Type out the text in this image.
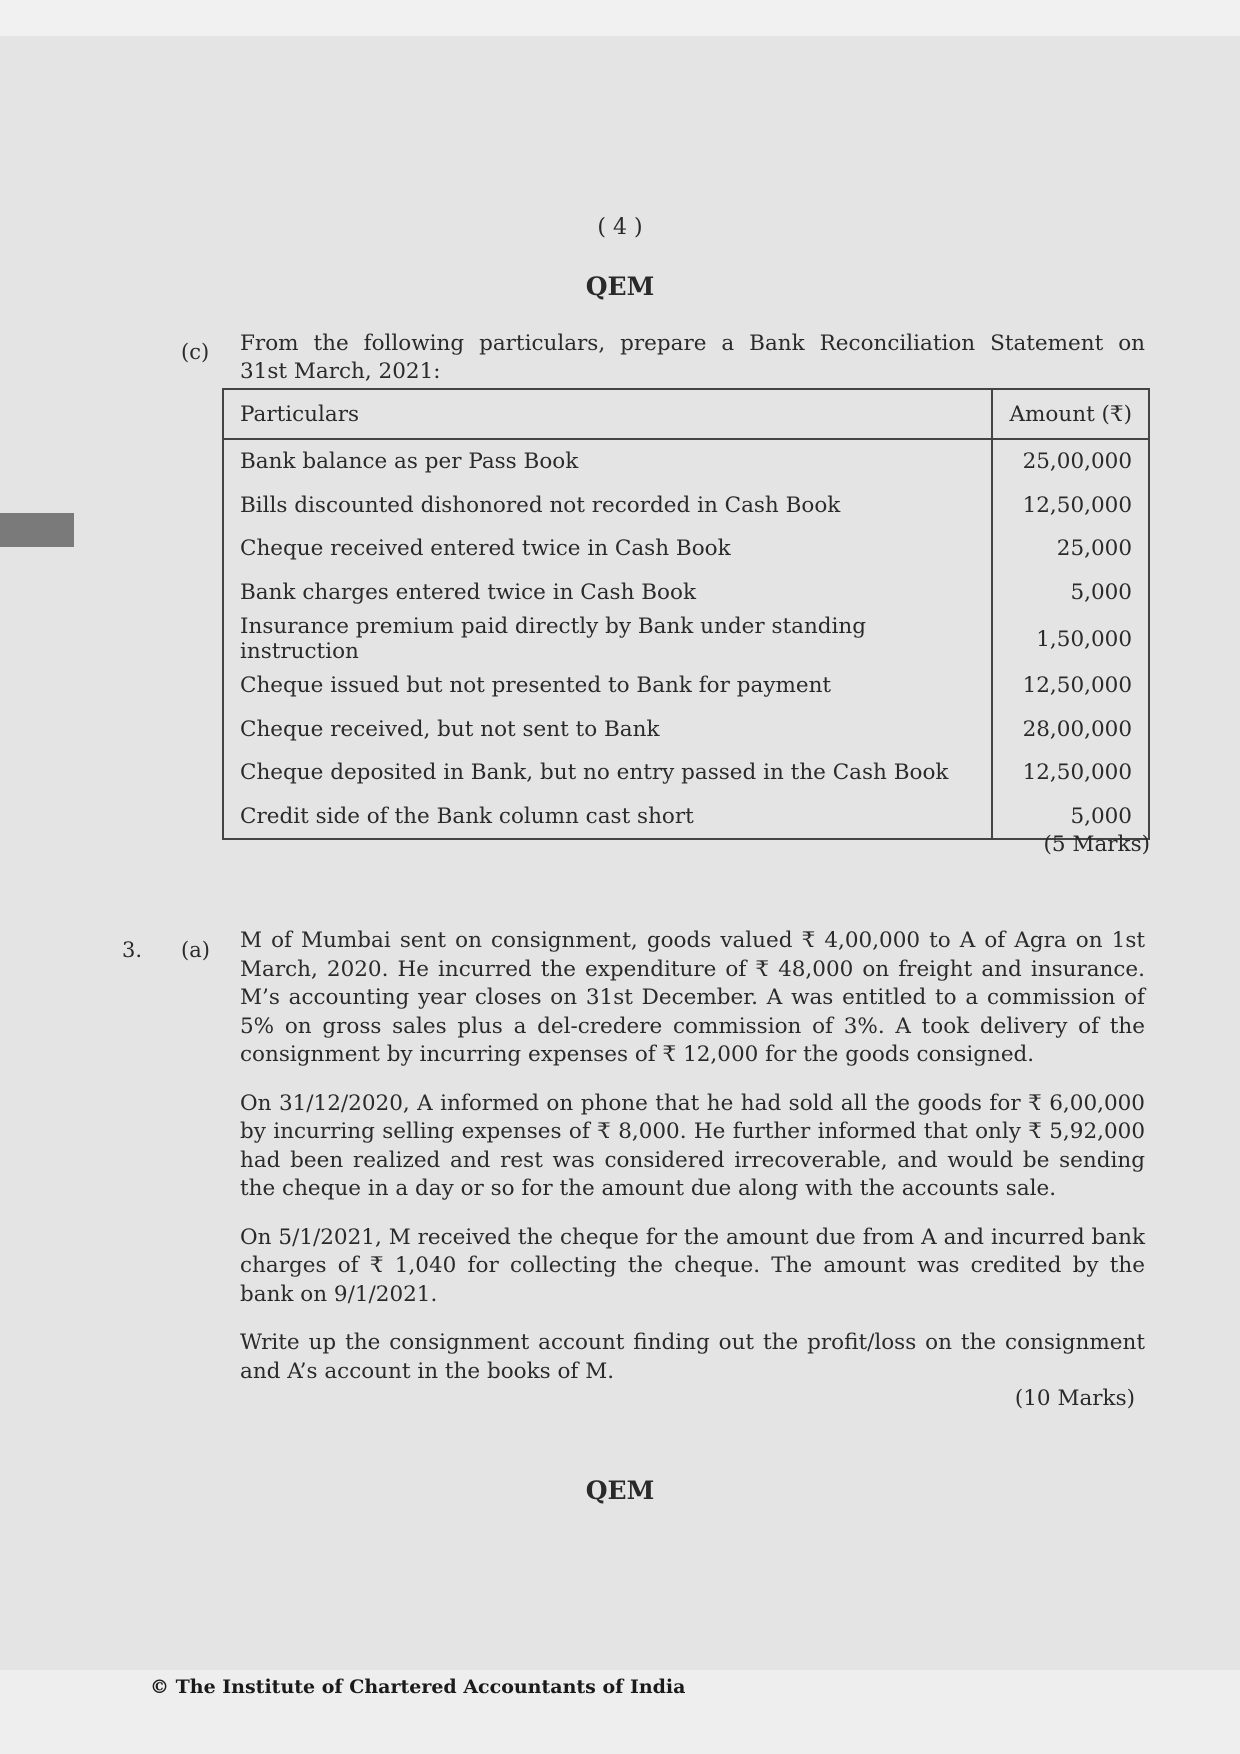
( 4 )
QEM
(c) From the following particulars, prepare a Bank Reconciliation Statement on
31st March, 2021:
Particulars	Amount (₹)
Bank balance as per Pass Book	25,00,000
Bills discounted dishonored not recorded in Cash Book	12,50,000
Cheque received entered twice in Cash Book	25,000
Bank charges entered twice in Cash Book	5,000
Insurance premium paid directly by Bank under standing instruction	1,50,000
Cheque issued but not presented to Bank for payment	12,50,000
Cheque received, but not sent to Bank	28,00,000
Cheque deposited in Bank, but no entry passed in the Cash Book	12,50,000
Credit side of the Bank column cast short	5,000
(5 Marks)
3. (a) M of Mumbai sent on consignment, goods valued ₹ 4,00,000 to A of Agra on 1st March, 2020. He incurred the expenditure of ₹ 48,000 on freight and insurance. M’s accounting year closes on 31st December. A was entitled to a commission of 5% on gross sales plus a del-credere commission of 3%. A took delivery of the consignment by incurring expenses of ₹ 12,000 for the goods consigned.

On 31/12/2020, A informed on phone that he had sold all the goods for ₹ 6,00,000 by incurring selling expenses of ₹ 8,000. He further informed that only ₹ 5,92,000 had been realized and rest was considered irrecoverable, and would be sending the cheque in a day or so for the amount due along with the accounts sale.

On 5/1/2021, M received the cheque for the amount due from A and incurred bank charges of ₹ 1,040 for collecting the cheque. The amount was credited by the bank on 9/1/2021.

Write up the consignment account finding out the profit/loss on the consignment and A’s account in the books of M.

(10 Marks)
QEM
© The Institute of Chartered Accountants of India
